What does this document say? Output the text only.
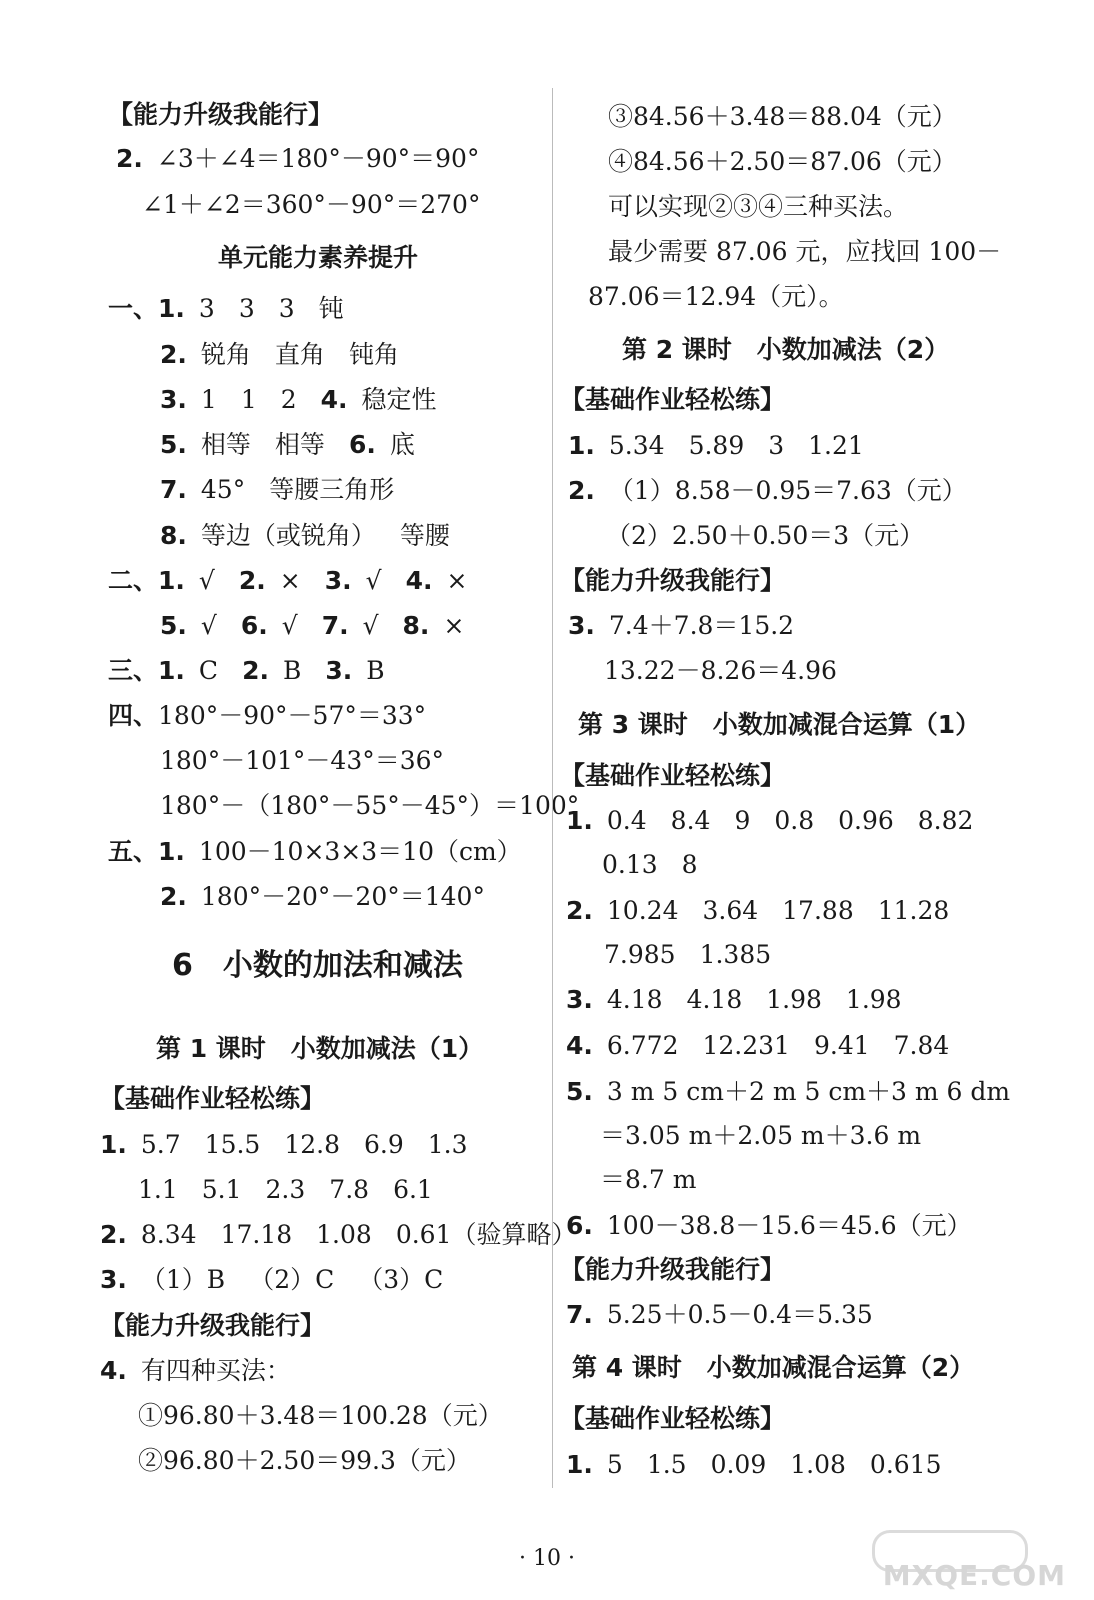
【能力升级我能行】
2. ∠3＋∠4＝180°－90°＝90°
∠1＋∠2＝360°－90°＝270°
单元能力素养提升
一、1. 3 3 3 钝
2. 锐角 直角 钝角
3. 1 1 2 4. 稳定性
5. 相等 相等 6. 底
7. 45° 等腰三角形
8. 等边（或锐角） 等腰
二、1. √ 2. × 3. √ 4. ×
5. √ 6. √ 7. √ 8. ×
三、1. C 2. B 3. B
四、180°－90°－57°＝33°
180°－101°－43°＝36°
180°－（180°－55°－45°）＝100°
五、1. 100－10×3×3＝10（cm）
2. 180°－20°－20°＝140°
6　小数的加法和减法
第 1 课时　小数加减法（1）
【基础作业轻松练】
1. 5.7 15.5 12.8 6.9 1.3
1.1 5.1 2.3 7.8 6.1
2. 8.34 17.18 1.08 0.61（验算略）
3. （1）B （2）C （3）C
【能力升级我能行】
4. 有四种买法：
①96.80＋3.48＝100.28（元）
②96.80＋2.50＝99.3（元）
③84.56＋3.48＝88.04（元）
④84.56＋2.50＝87.06（元）
可以实现②③④三种买法。
最少需要 87.06 元，应找回 100－
87.06＝12.94（元）。
第 2 课时　小数加减法（2）
【基础作业轻松练】
1. 5.34 5.89 3 1.21
2. （1）8.58－0.95＝7.63（元）
（2）2.50＋0.50＝3（元）
【能力升级我能行】
3. 7.4＋7.8＝15.2
13.22－8.26＝4.96
第 3 课时　小数加减混合运算（1）
【基础作业轻松练】
1. 0.4 8.4 9 0.8 0.96 8.82
0.13 8
2. 10.24 3.64 17.88 11.28
7.985 1.385
3. 4.18 4.18 1.98 1.98
4. 6.772 12.231 9.41 7.84
5. 3 m 5 cm＋2 m 5 cm＋3 m 6 dm
＝3.05 m＋2.05 m＋3.6 m
＝8.7 m
6. 100－38.8－15.6＝45.6（元）
【能力升级我能行】
7. 5.25＋0.5－0.4＝5.35
第 4 课时　小数加减混合运算（2）
【基础作业轻松练】
1. 5 1.5 0.09 1.08 0.615
· 10 ·
MXQE.COM
